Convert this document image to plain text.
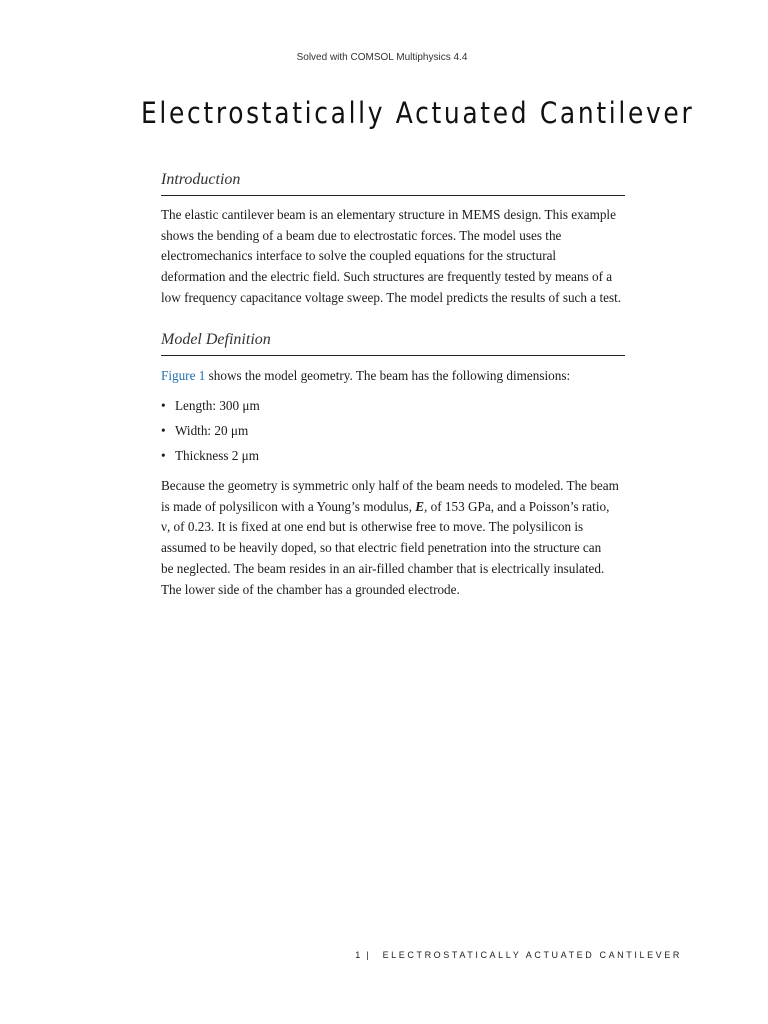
Solved with COMSOL Multiphysics 4.4
Electrostatically Actuated Cantilever
Introduction

The elastic cantilever beam is an elementary structure in MEMS design. This example
shows the bending of a beam due to electrostatic forces. The model uses the
electromechanics interface to solve the coupled equations for the structural
deformation and the electric field. Such structures are frequently tested by means of a
low frequency capacitance voltage sweep. The model predicts the results of such a test.

Model Definition

Figure 1 shows the model geometry. The beam has the following dimensions:

• Length: 300 μm
• Width: 20 μm
• Thickness 2 μm

Because the geometry is symmetric only half of the beam needs to modeled. The beam
is made of polysilicon with a Young’s modulus, E, of 153 GPa, and a Poisson’s ratio,
ν, of 0.23. It is fixed at one end but is otherwise free to move. The polysilicon is
assumed to be heavily doped, so that electric field penetration into the structure can
be neglected. The beam resides in an air-filled chamber that is electrically insulated.
The lower side of the chamber has a grounded electrode.

1 | ELECTROSTATICALLY ACTUATED CANTILEVER
